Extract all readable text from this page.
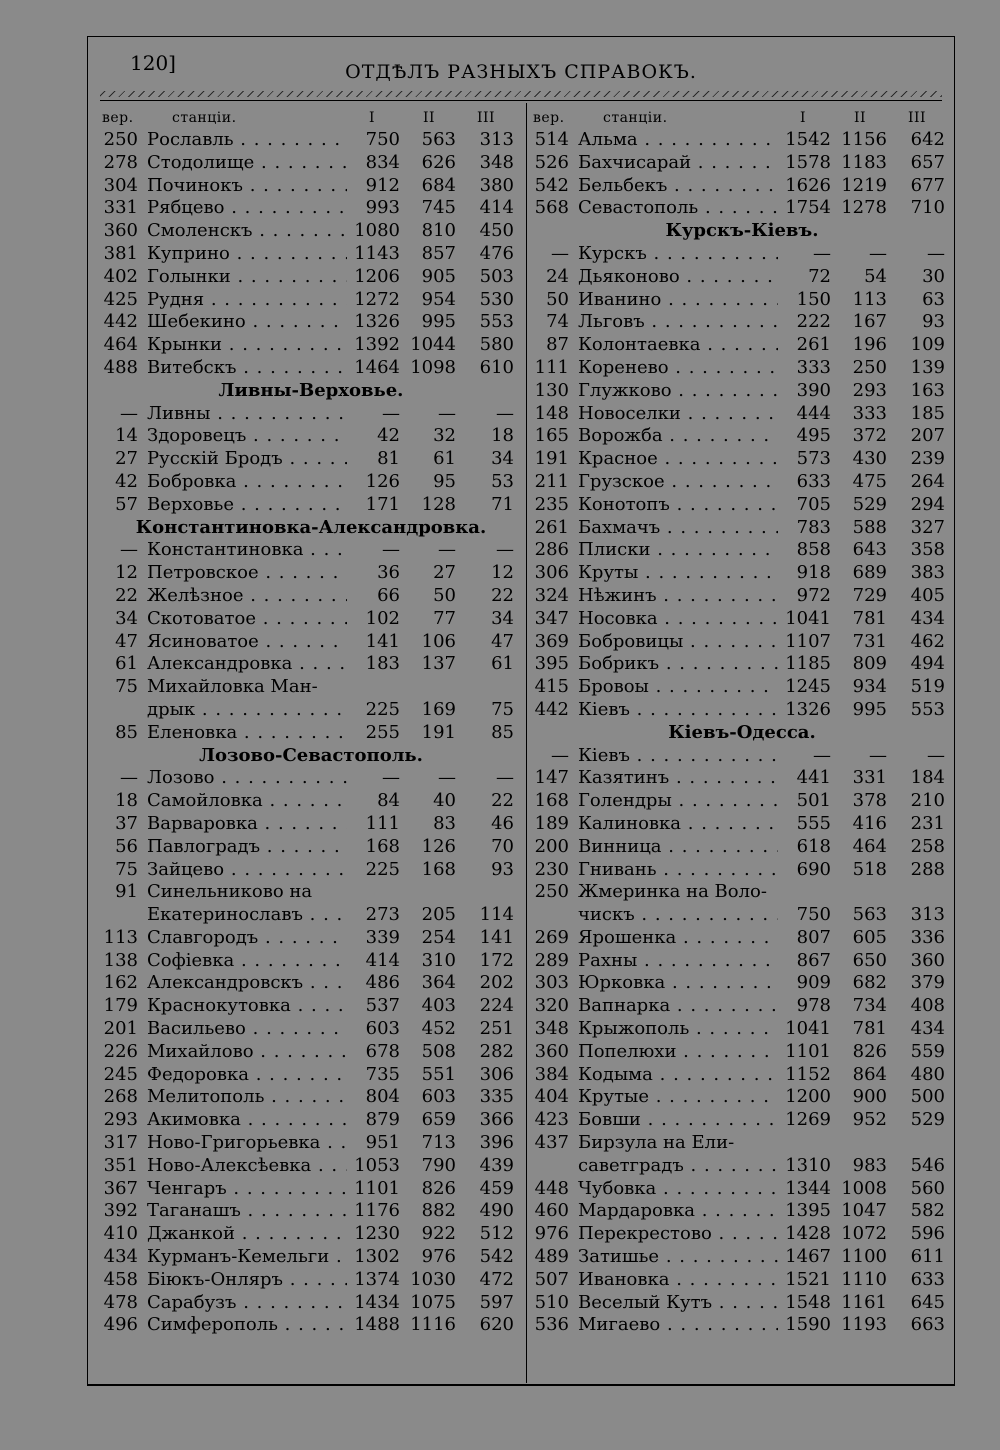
120]	ОТДѢЛЪ РАЗНЫХЪ СПРАВОКЪ.
вер.	станціи.	I	II	III
250 Рославль . . .	750	563	313
278 Стодолище . . .	834	626	348
304 Починокъ . . .	912	684	380
331 Рябцево . . .	993	745	414
360 Смоленскъ . . .	1080	810	450
381 Куприно . . .	1143	857	476
402 Голынки . . .	1206	905	503
425 Рудня . . .	1272	954	530
442 Шебекино . . .	1326	995	553
464 Крынки . . .	1392 1044	580
488 Витебскъ . . .	1464 1098	610
Ливны-Верховье.
— Ливны . . .	—	—	—
14 Здоровецъ . . .	42	32	18
27 Русскій Бродъ . . .	81	61	34
42 Бобровка . . .	126	95	53
57 Верховье . . .	171	128	71
Константиновка-Александровка.
— Константиновка . . .	—	—	—
12 Петровское . . .	36	27	12
22 Желѣзное . . .	66	50	22
34 Скотоватое . . .	102	77	34
47 Ясиноватое . . .	141	106	47
61 Александровка . . .	183	137	61
75 Михайловка Ман-
дрык . . .	225	169	75
85 Еленовка . . .	255	191	85
Лозово-Севастополь.
— Лозово . . .	—	—	—
18 Самойловка . . .	84	40	22
37 Варваровка . . .	111	83	46
56 Павлоградъ . . .	168	126	70
75 Зайцево . . .	225	168	93
91 Синельниково на
Екатеринославъ . . .	273	205	114
113 Славгородъ . . .	339	254	141
138 Софіевка . . .	414	310	172
162 Александровскъ . . .	486	364	202
179 Краснокутовка . . .	537	403	224
201 Васильево . . .	603	452	251
226 Михайлово . . .	678	508	282
245 Федоровка . . .	735	551	306
268 Мелитополь . . .	804	603	335
293 Акимовка . . .	879	659	366
317 Ново-Григорьевка . . .	951	713	396
351 Ново-Алексѣевка . . .	1053	790	439
367 Ченгаръ . . .	1101	826	459
392 Таганашъ . . .	1176	882	490
410 Джанкой . . .	1230	922	512
434 Курманъ-Кемельги . . .	1302	976	542
458 Біюкъ-Онляръ . . .	1374 1030	472
478 Сарабузъ . . .	1434 1075	597
496 Симферополь . . .	1488 1116	620
вер.	станціи.	I	II	III
514 Альма . . .	1542 1156	642
526 Бахчисарай . . .	1578 1183	657
542 Бельбекъ . . .	1626 1219	677
568 Севастополь . . .	1754 1278	710
Курскъ-Кіевъ.
— Курскъ . . .	—	—	—
24 Дьяконово . . .	72	54	30
50 Иванино . . .	150	113	63
74 Льговъ . . .	222	167	93
87 Колонтаевка . . .	261	196	109
111 Коренево . . .	333	250	139
130 Глужково . . .	390	293	163
148 Новоселки . . .	444	333	185
165 Ворожба . . .	495	372	207
191 Красное . . .	573	430	239
211 Грузское . . .	633	475	264
235 Конотопъ . . .	705	529	294
261 Бахмачъ . . .	783	588	327
286 Плиски . . .	858	643	358
306 Круты . . .	918	689	383
324 Нѣжинъ . . .	972	729	405
347 Носовка . . .	1041	781	434
369 Бобровицы . . .	1107	731	462
395 Бобрикъ . . .	1185	809	494
415 Бровоы . . .	1245	934	519
442 Кіевъ . . .	1326	995	553
Кіевъ-Одесса.
— Кіевъ . . .	—	—	—
147 Казятинъ . . .	441	331	184
168 Голендры . . .	501	378	210
189 Калиновка . . .	555	416	231
200 Винница . . .	618	464	258
230 Гнивань . . .	690	518	288
250 Жмеринка на Воло-
чискъ . . .	750	563	313
269 Ярошенка . . .	807	605	336
289 Рахны . . .	867	650	360
303 Юрковка . . .	909	682	379
320 Вапнарка . . .	978	734	408
348 Крыжополь . . .	1041	781	434
360 Попелюхи . . .	1101	826	559
384 Кодыма . . .	1152	864	480
404 Крутые . . .	1200	900	500
423 Бовши . . .	1269	952	529
437 Бирзула на Ели-
саветградъ . . .	1310	983	546
448 Чубовка . . .	1344 1008	560
460 Мардаровка . . .	1395 1047	582
976 Перекрестово . . .	1428 1072	596
489 Затишье . . .	1467 1100	611
507 Ивановка . . .	1521 1110	633
510 Веселый Кутъ . . .	1548 1161	645
536 Мигаево . . .	1590 1193	663
